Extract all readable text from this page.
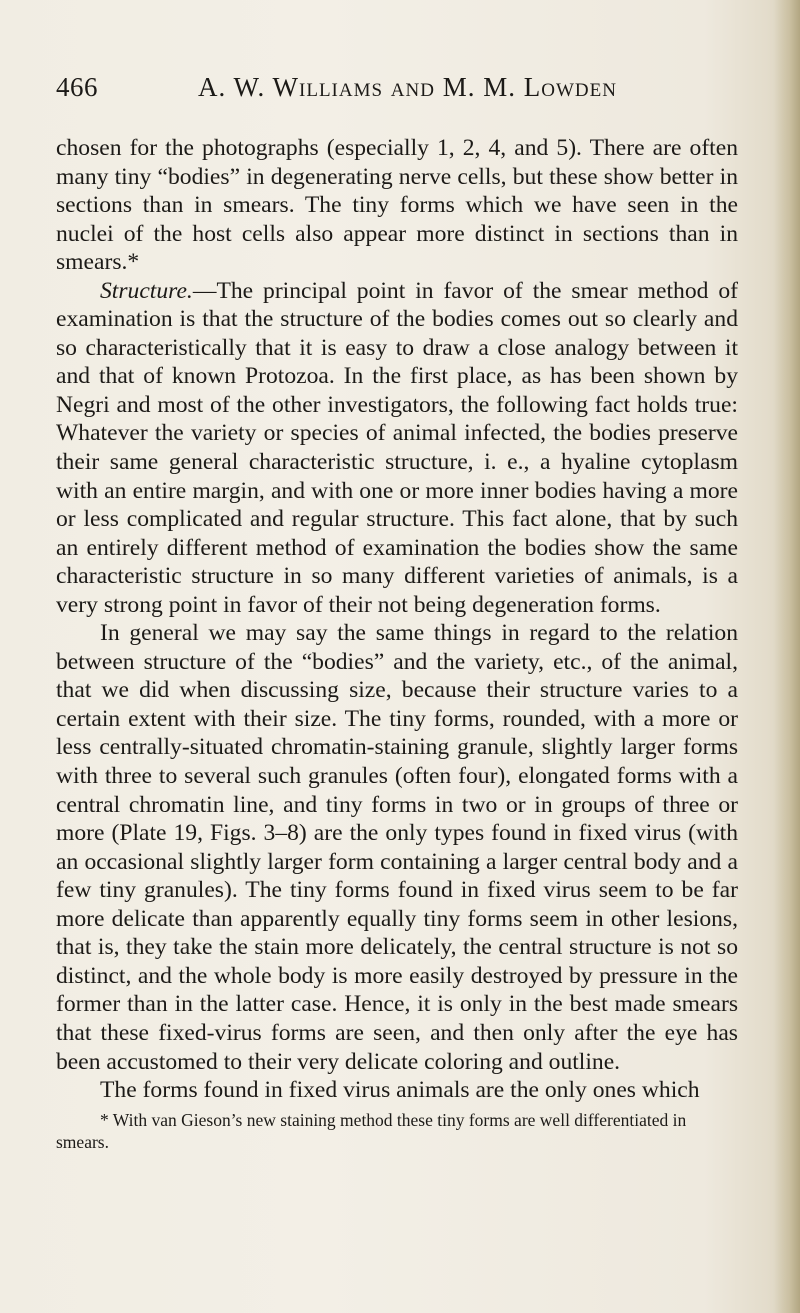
466	A. W. Williams and M. M. Lowden

chosen for the photographs (especially 1, 2, 4, and 5). There are often many tiny “bodies” in degenerating nerve cells, but these show better in sections than in smears. The tiny forms which we have seen in the nuclei of the host cells also appear more distinct in sections than in smears.*

Structure.—The principal point in favor of the smear method of examination is that the structure of the bodies comes out so clearly and so characteristically that it is easy to draw a close analogy between it and that of known Protozoa. In the first place, as has been shown by Negri and most of the other investigators, the following fact holds true: Whatever the variety or species of animal infected, the bodies preserve their same general characteristic structure, i. e., a hyaline cytoplasm with an entire margin, and with one or more inner bodies having a more or less complicated and regular structure. This fact alone, that by such an entirely different method of examination the bodies show the same characteristic structure in so many different varieties of animals, is a very strong point in favor of their not being degeneration forms.

In general we may say the same things in regard to the relation between structure of the “bodies” and the variety, etc., of the animal, that we did when discussing size, because their structure varies to a certain extent with their size. The tiny forms, rounded, with a more or less centrally-situated chromatin-staining granule, slightly larger forms with three to several such granules (often four), elongated forms with a central chromatin line, and tiny forms in two or in groups of three or more (Plate 19, Figs. 3–8) are the only types found in fixed virus (with an occasional slightly larger form containing a larger central body and a few tiny granules). The tiny forms found in fixed virus seem to be far more delicate than apparently equally tiny forms seem in other lesions, that is, they take the stain more delicately, the central structure is not so distinct, and the whole body is more easily destroyed by pressure in the former than in the latter case. Hence, it is only in the best made smears that these fixed-virus forms are seen, and then only after the eye has been accustomed to their very delicate coloring and outline.

The forms found in fixed virus animals are the only ones which

* With van Gieson’s new staining method these tiny forms are well differentiated in smears.
